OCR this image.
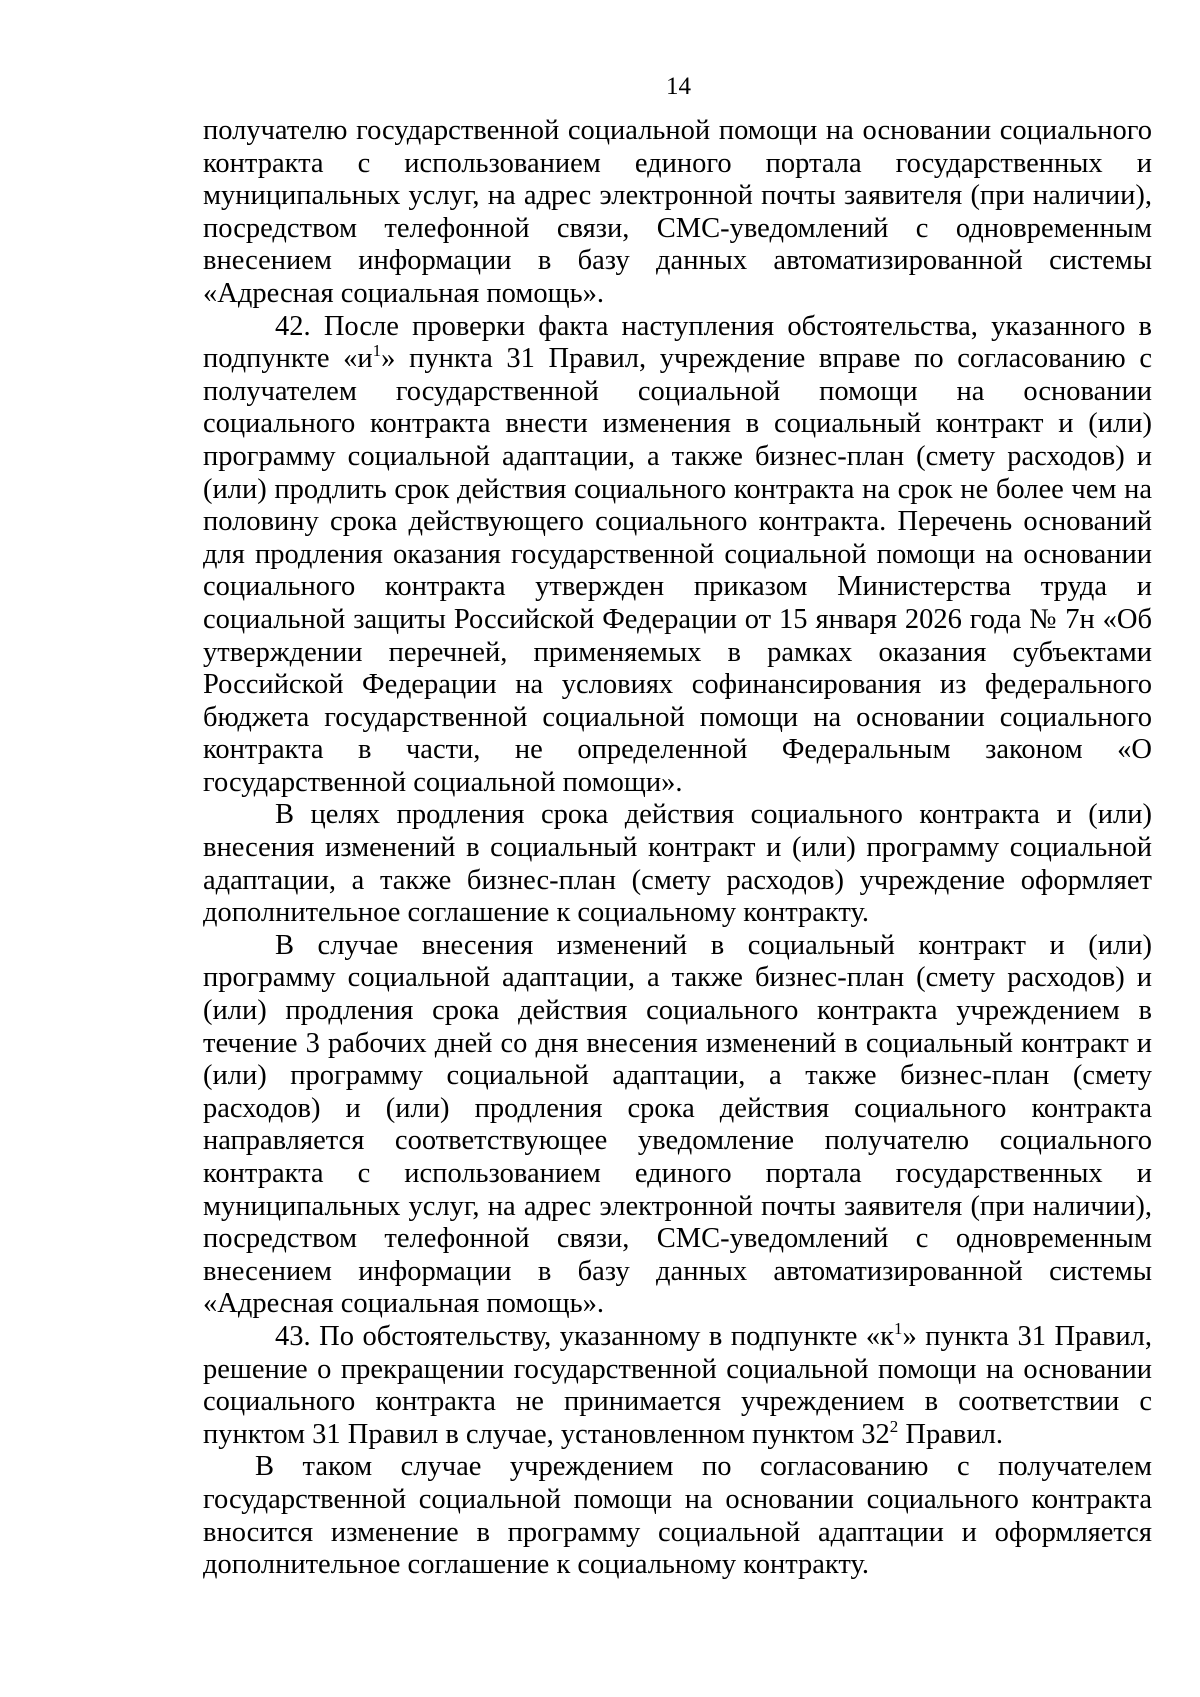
14

получателю государственной социальной помощи на основании социального контракта с использованием единого портала государственных и муниципальных услуг, на адрес электронной почты заявителя (при наличии), посредством телефонной связи, СМС-уведомлений с одновременным внесением информации в базу данных автоматизированной системы «Адресная социальная помощь».

42. После проверки факта наступления обстоятельства, указанного в подпункте «$и^1$» пункта 31 Правил, учреждение вправе по согласованию с получателем государственной социальной помощи на основании социального контракта внести изменения в социальный контракт и (или) программу социальной адаптации, а также бизнес-план (смету расходов) и (или) продлить срок действия социального контракта на срок не более чем на половину срока действующего социального контракта. Перечень оснований для продления оказания государственной социальной помощи на основании социального контракта утвержден приказом Министерства труда и социальной защиты Российской Федерации от 15 января 2026 года № 7н «Об утверждении перечней, применяемых в рамках оказания субъектами Российской Федерации на условиях софинансирования из федерального бюджета государственной социальной помощи на основании социального контракта в части, не определенной Федеральным законом «О государственной социальной помощи».

В целях продления срока действия социального контракта и (или) внесения изменений в социальный контракт и (или) программу социальной адаптации, а также бизнес-план (смету расходов) учреждение оформляет дополнительное соглашение к социальному контракту.

В случае внесения изменений в социальный контракт и (или) программу социальной адаптации, а также бизнес-план (смету расходов) и (или) продления срока действия социального контракта учреждением в течение 3 рабочих дней со дня внесения изменений в социальный контракт и (или) программу социальной адаптации, а также бизнес-план (смету расходов) и (или) продления срока действия социального контракта направляется соответствующее уведомление получателю социального контракта с использованием единого портала государственных и муниципальных услуг, на адрес электронной почты заявителя (при наличии), посредством телефонной связи, СМС-уведомлений с одновременным внесением информации в базу данных автоматизированной системы «Адресная социальная помощь».

43. По обстоятельству, указанному в подпункте «$к^1$» пункта 31 Правил, решение о прекращении государственной социальной помощи на основании социального контракта не принимается учреждением в соответствии с пунктом 31 Правил в случае, установленном пунктом $32^2$ Правил.

В таком случае учреждением по согласованию с получателем государственной социальной помощи на основании социального контракта вносится изменение в программу социальной адаптации и оформляется дополнительное соглашение к социальному контракту.
